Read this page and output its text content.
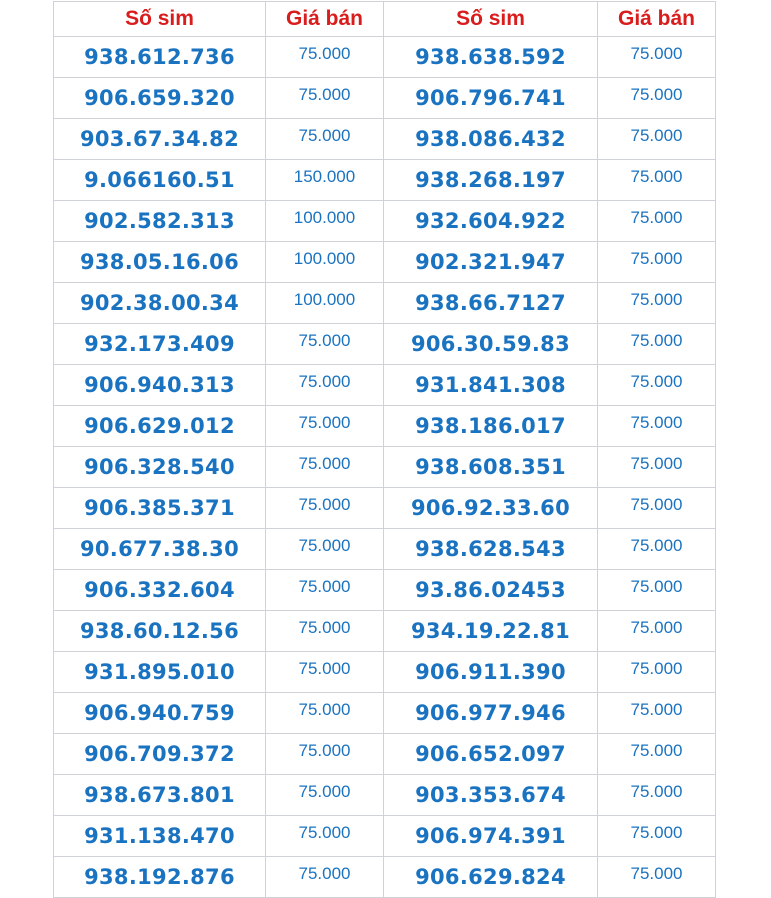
Số sim	Giá bán	Số sim	Giá bán
938.612.736	75.000	938.638.592	75.000
906.659.320	75.000	906.796.741	75.000
903.67.34.82	75.000	938.086.432	75.000
9.066160.51	150.000	938.268.197	75.000
902.582.313	100.000	932.604.922	75.000
938.05.16.06	100.000	902.321.947	75.000
902.38.00.34	100.000	938.66.7127	75.000
932.173.409	75.000	906.30.59.83	75.000
906.940.313	75.000	931.841.308	75.000
906.629.012	75.000	938.186.017	75.000
906.328.540	75.000	938.608.351	75.000
906.385.371	75.000	906.92.33.60	75.000
90.677.38.30	75.000	938.628.543	75.000
906.332.604	75.000	93.86.02453	75.000
938.60.12.56	75.000	934.19.22.81	75.000
931.895.010	75.000	906.911.390	75.000
906.940.759	75.000	906.977.946	75.000
906.709.372	75.000	906.652.097	75.000
938.673.801	75.000	903.353.674	75.000
931.138.470	75.000	906.974.391	75.000
938.192.876	75.000	906.629.824	75.000
